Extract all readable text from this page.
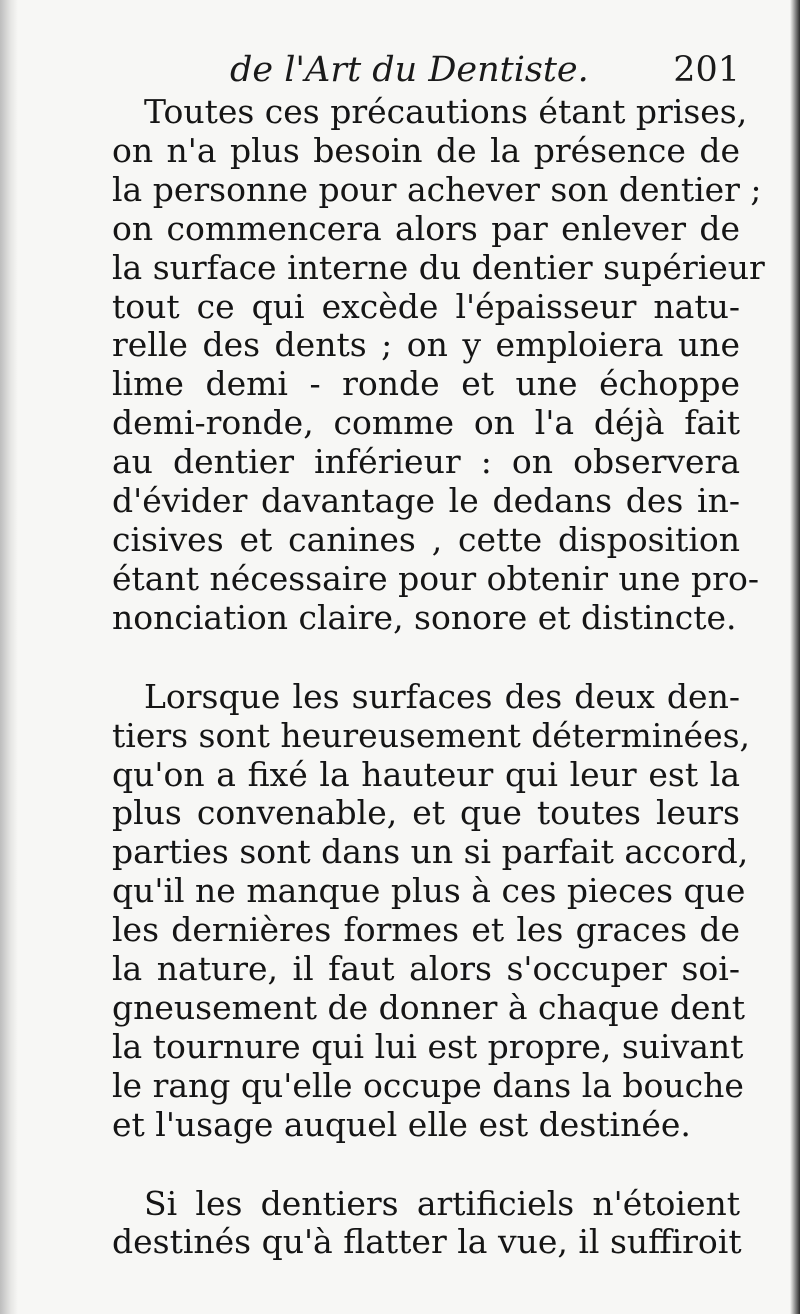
de l'Art du Dentiste. 201
Toutes ces précautions étant prises,
on n'a plus besoin de la présence de
la personne pour achever son dentier ;
on commencera alors par enlever de
la surface interne du dentier supérieur
tout ce qui excède l'épaisseur natu-
relle des dents ; on y emploiera une
lime demi - ronde et une échoppe
demi-ronde, comme on l'a déjà fait
au dentier inférieur : on observera
d'évider davantage le dedans des in-
cisives et canines , cette disposition
étant nécessaire pour obtenir une pro-
nonciation claire, sonore et distincte.
Lorsque les surfaces des deux den-
tiers sont heureusement déterminées,
qu'on a fixé la hauteur qui leur est la
plus convenable, et que toutes leurs
parties sont dans un si parfait accord,
qu'il ne manque plus à ces pieces que
les dernières formes et les graces de
la nature, il faut alors s'occuper soi-
gneusement de donner à chaque dent
la tournure qui lui est propre, suivant
le rang qu'elle occupe dans la bouche
et l'usage auquel elle est destinée.
Si les dentiers artificiels n'étoient
destinés qu'à flatter la vue, il suffiroit
